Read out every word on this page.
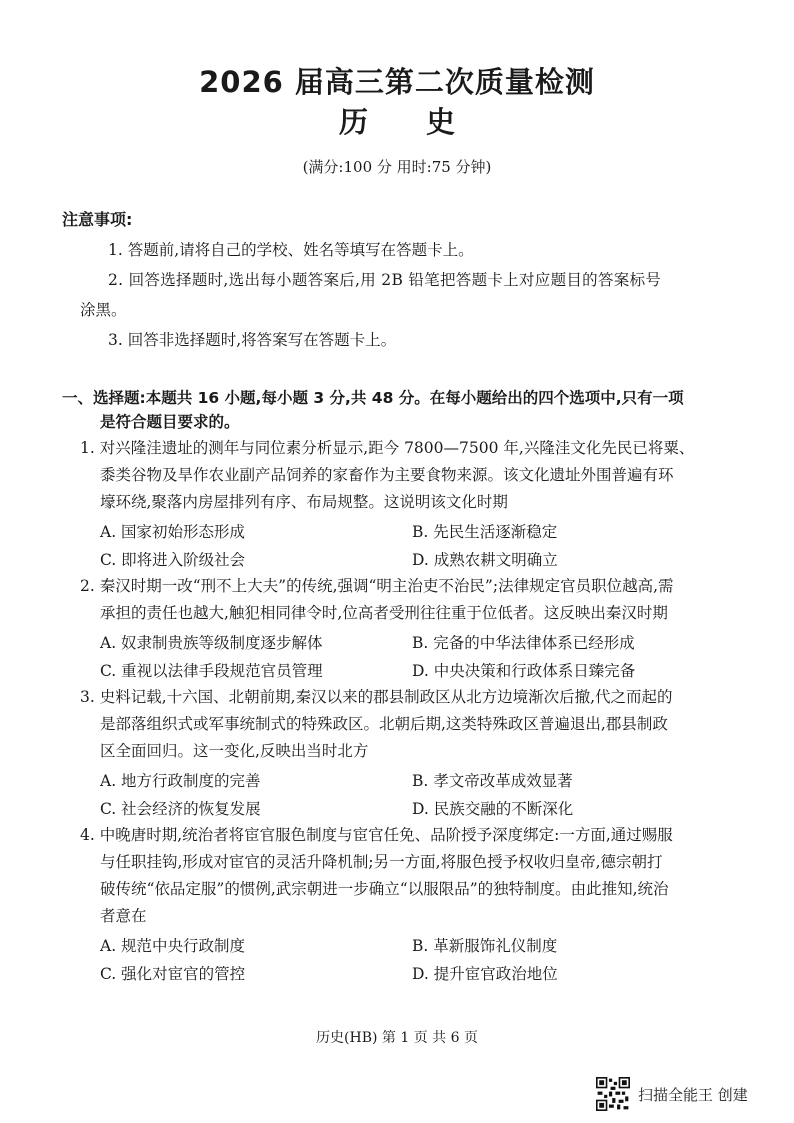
2026 届高三第二次质量检测
历 史
(满分:100 分 用时:75 分钟)
注意事项:
1. 答题前,请将自己的学校、姓名等填写在答题卡上。
2. 回答选择题时,选出每小题答案后,用 2B 铅笔把答题卡上对应题目的答案标号
涂黑。
3. 回答非选择题时,将答案写在答题卡上。
一、选择题:本题共 16 小题,每小题 3 分,共 48 分。在每小题给出的四个选项中,只有一项
是符合题目要求的。
1. 对兴隆洼遗址的测年与同位素分析显示,距今 7800—7500 年,兴隆洼文化先民已将粟、
黍类谷物及旱作农业副产品饲养的家畜作为主要食物来源。该文化遗址外围普遍有环
壕环绕,聚落内房屋排列有序、布局规整。这说明该文化时期
A. 国家初始形态形成	B. 先民生活逐渐稳定
C. 即将进入阶级社会	D. 成熟农耕文明确立
2. 秦汉时期一改“刑不上大夫”的传统,强调“明主治吏不治民”;法律规定官员职位越高,需
承担的责任也越大,触犯相同律令时,位高者受刑往往重于位低者。这反映出秦汉时期
A. 奴隶制贵族等级制度逐步解体	B. 完备的中华法律体系已经形成
C. 重视以法律手段规范官员管理	D. 中央决策和行政体系日臻完备
3. 史料记载,十六国、北朝前期,秦汉以来的郡县制政区从北方边境渐次后撤,代之而起的
是部落组织式或军事统制式的特殊政区。北朝后期,这类特殊政区普遍退出,郡县制政
区全面回归。这一变化,反映出当时北方
A. 地方行政制度的完善	B. 孝文帝改革成效显著
C. 社会经济的恢复发展	D. 民族交融的不断深化
4. 中晚唐时期,统治者将宦官服色制度与宦官任免、品阶授予深度绑定:一方面,通过赐服
与任职挂钩,形成对宦官的灵活升降机制;另一方面,将服色授予权收归皇帝,德宗朝打
破传统“依品定服”的惯例,武宗朝进一步确立“以服限品”的独特制度。由此推知,统治
者意在
A. 规范中央行政制度	B. 革新服饰礼仪制度
C. 强化对宦官的管控	D. 提升宦官政治地位
历史(HB) 第 1 页 共 6 页
扫描全能王 创建
